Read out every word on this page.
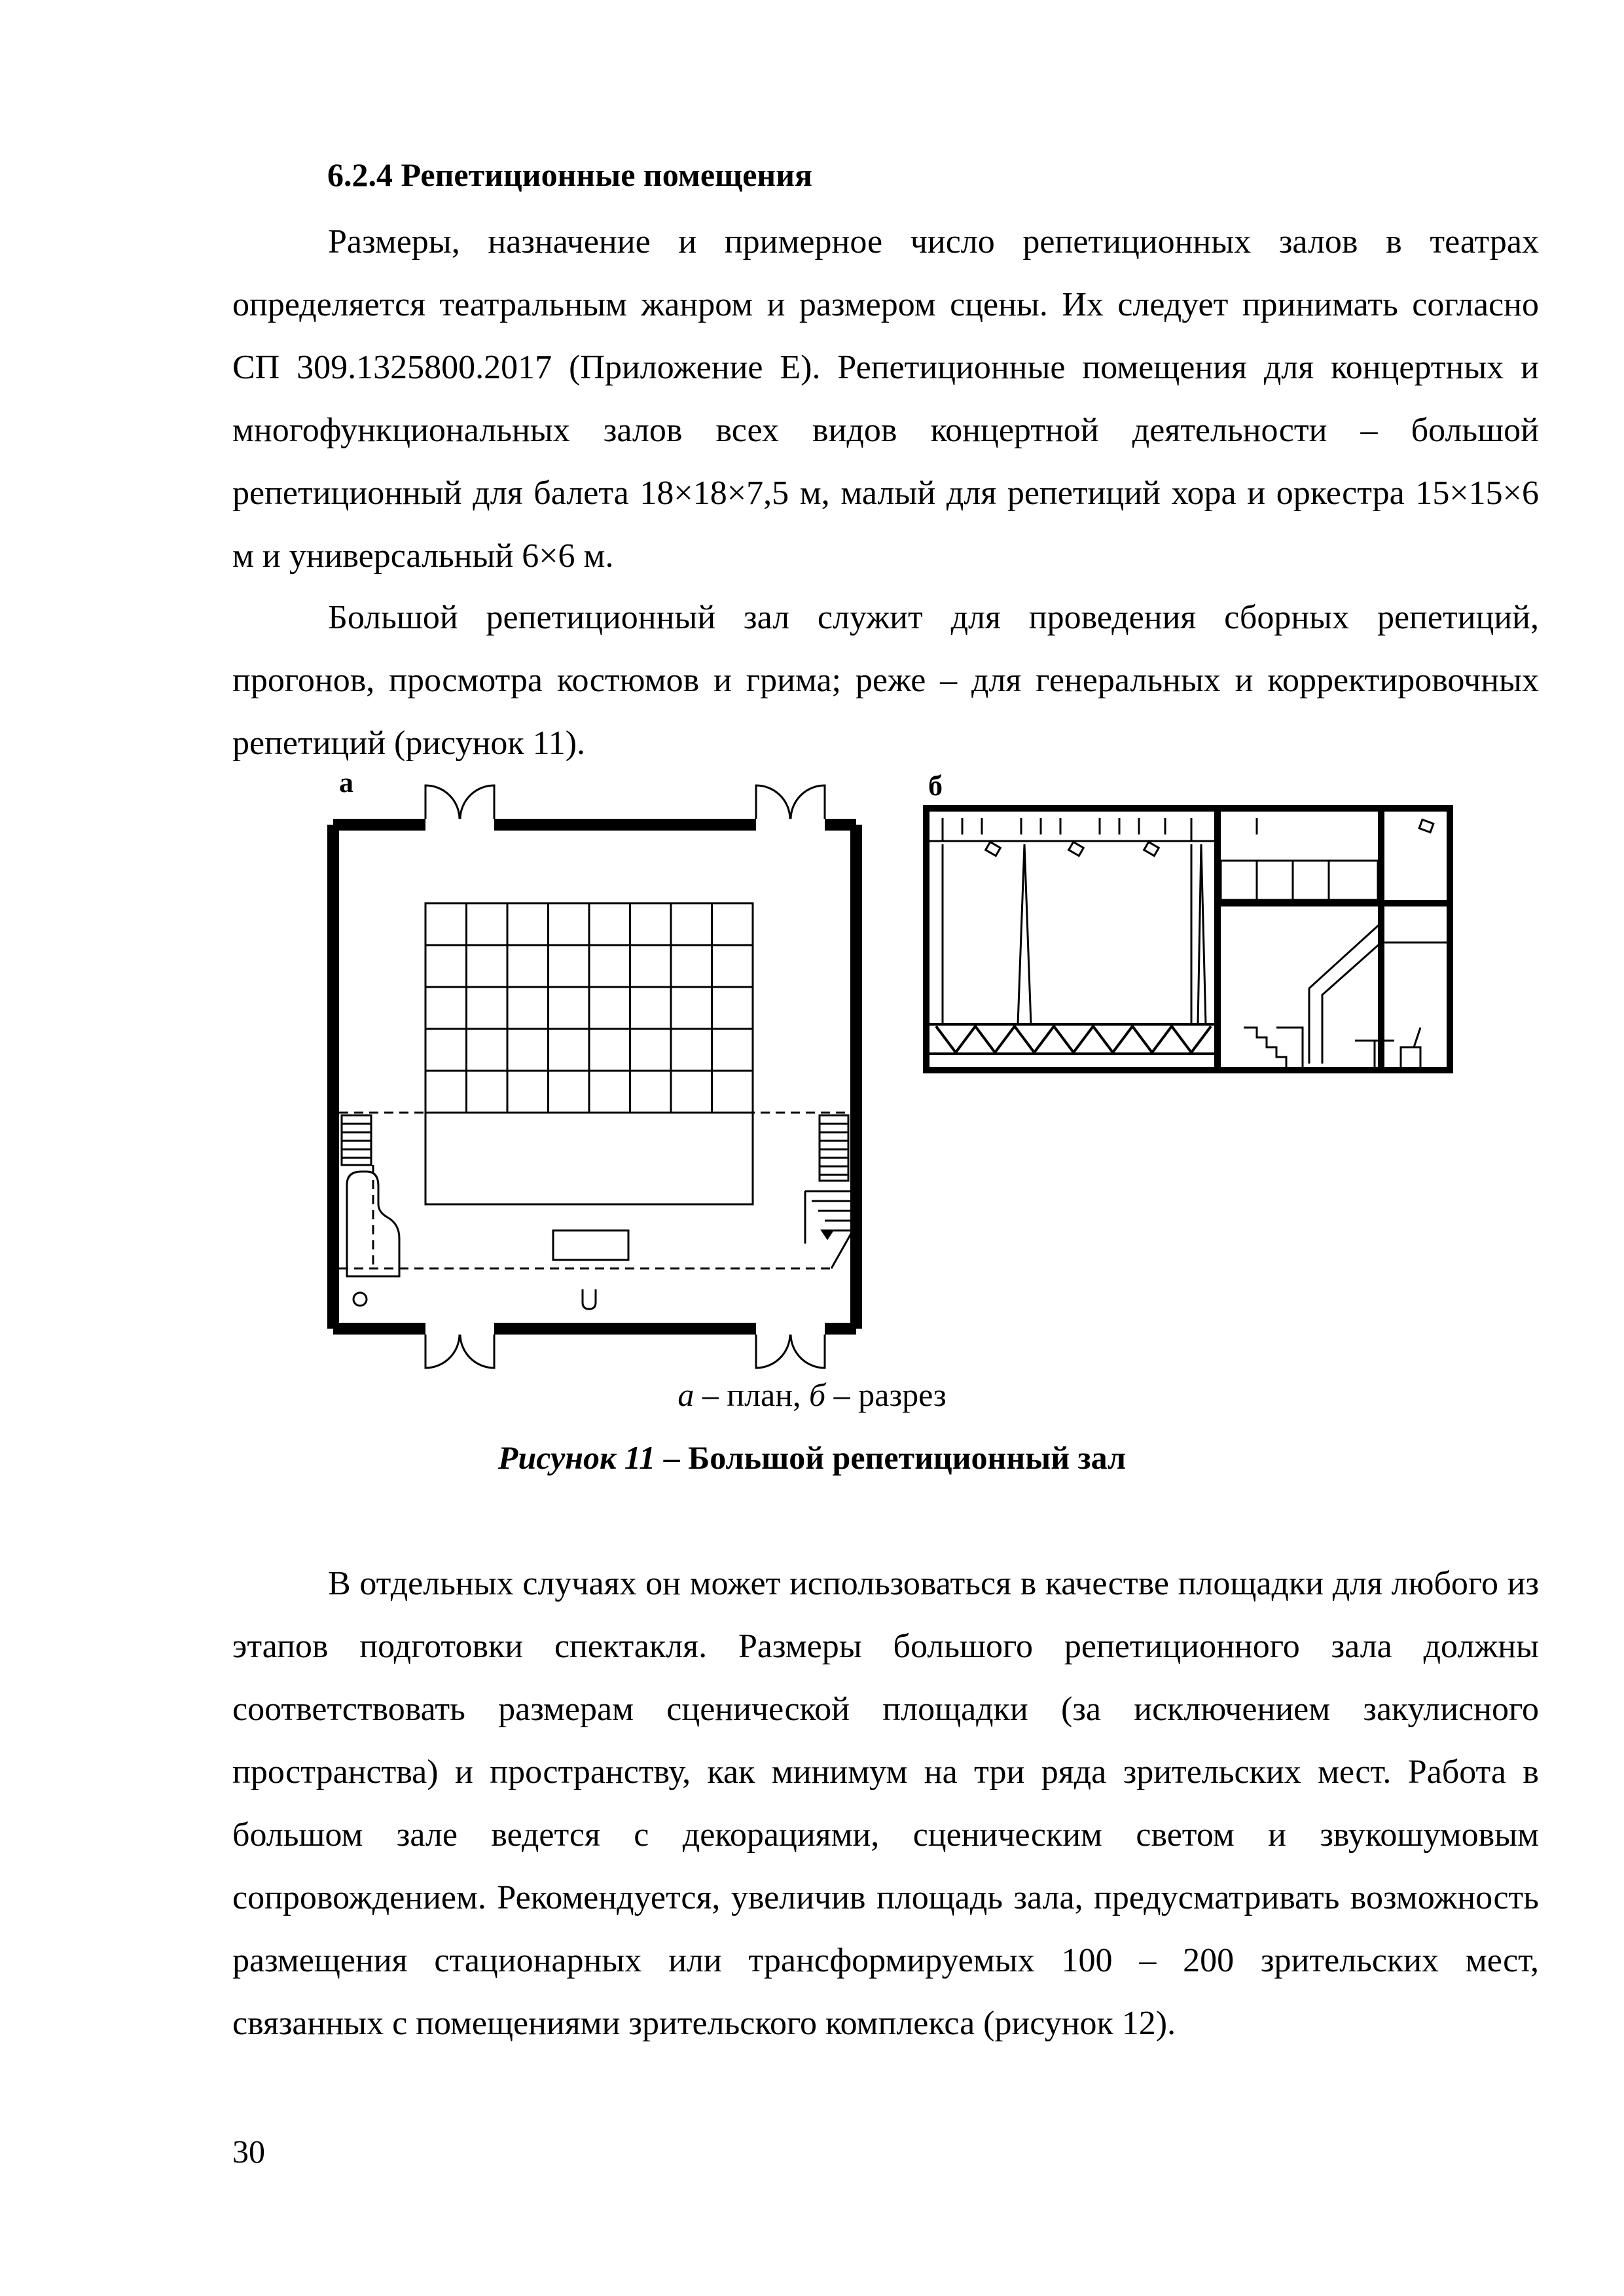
6.2.4 Репетиционные помещения

Размеры, назначение и примерное число репетиционных залов в театрах определяется театральным жанром и размером сцены. Их следует принимать согласно СП 309.1325800.2017 (Приложение Е). Репетиционные помещения для концертных и многофункциональных залов всех видов концертной деятельности – большой репетиционный для балета 18×18×7,5 м, малый для репетиций хора и оркестра 15×15×6 м и универсальный 6×6 м.

Большой репетиционный зал служит для проведения сборных репетиций, прогонов, просмотра костюмов и грима; реже – для генеральных и корректировочных репетиций (рисунок 11).

а	б
а – план, б – разрез
Рисунок 11 – Большой репетиционный зал

В отдельных случаях он может использоваться в качестве площадки для любого из этапов подготовки спектакля. Размеры большого репетиционного зала должны соответствовать размерам сценической площадки (за исключением закулисного пространства) и пространству, как минимум на три ряда зрительских мест. Работа в большом зале ведется с декорациями, сценическим светом и звукошумовым сопровождением. Рекомендуется, увеличив площадь зала, предусматривать возможность размещения стационарных или трансформируемых 100 – 200 зрительских мест, связанных с помещениями зрительского комплекса (рисунок 12).

30
